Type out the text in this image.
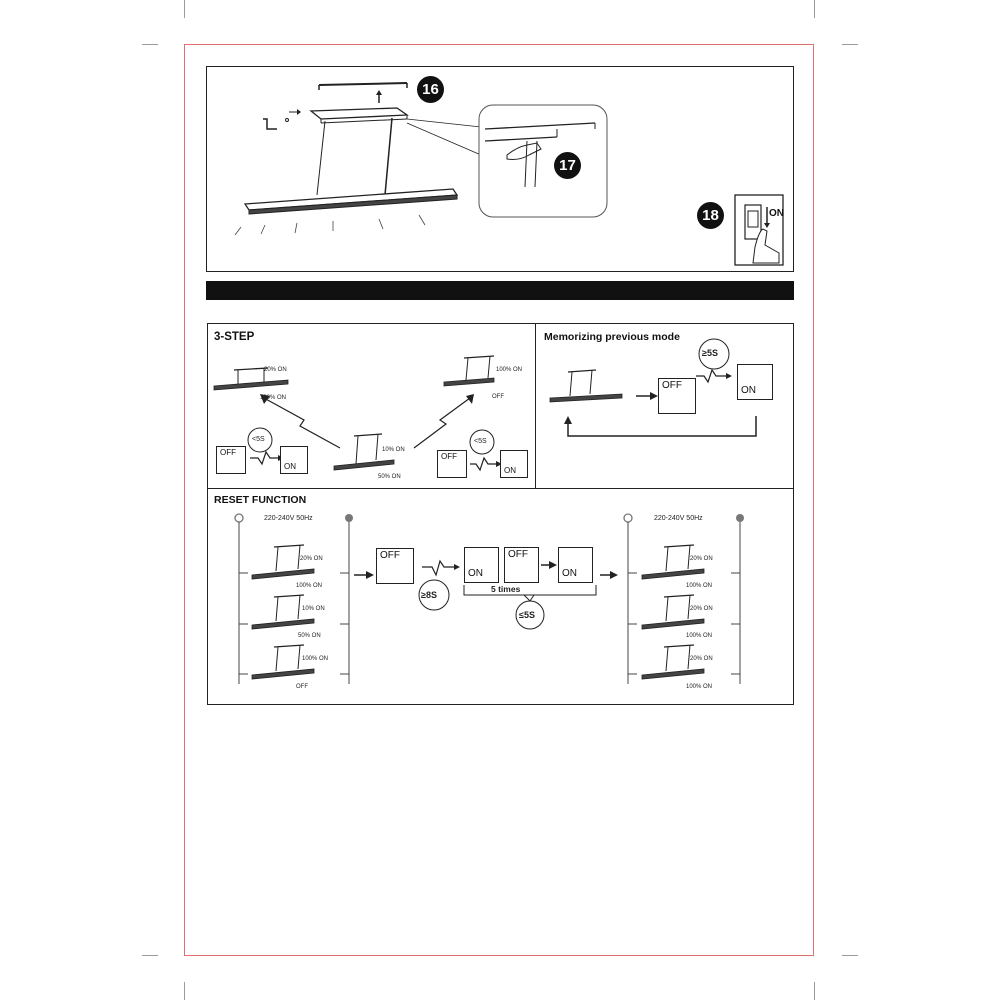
16
17
18	ON
3-STEP
20% ON
100% ON
10% ON
50% ON
100% ON
OFF
<5S	<5S
OFF
ON
OFF
ON
Memorizing previous mode
≥5S
OFF	ON
RESET FUNCTION
220-240V 50Hz	220-240V 50Hz
20% ON
100% ON
10% ON
50% ON
100% ON
OFF
20% ON
100% ON
20% ON
100% ON
20% ON
100% ON
OFF
≥8S
ON
OFF
ON
5 times
≤5S
